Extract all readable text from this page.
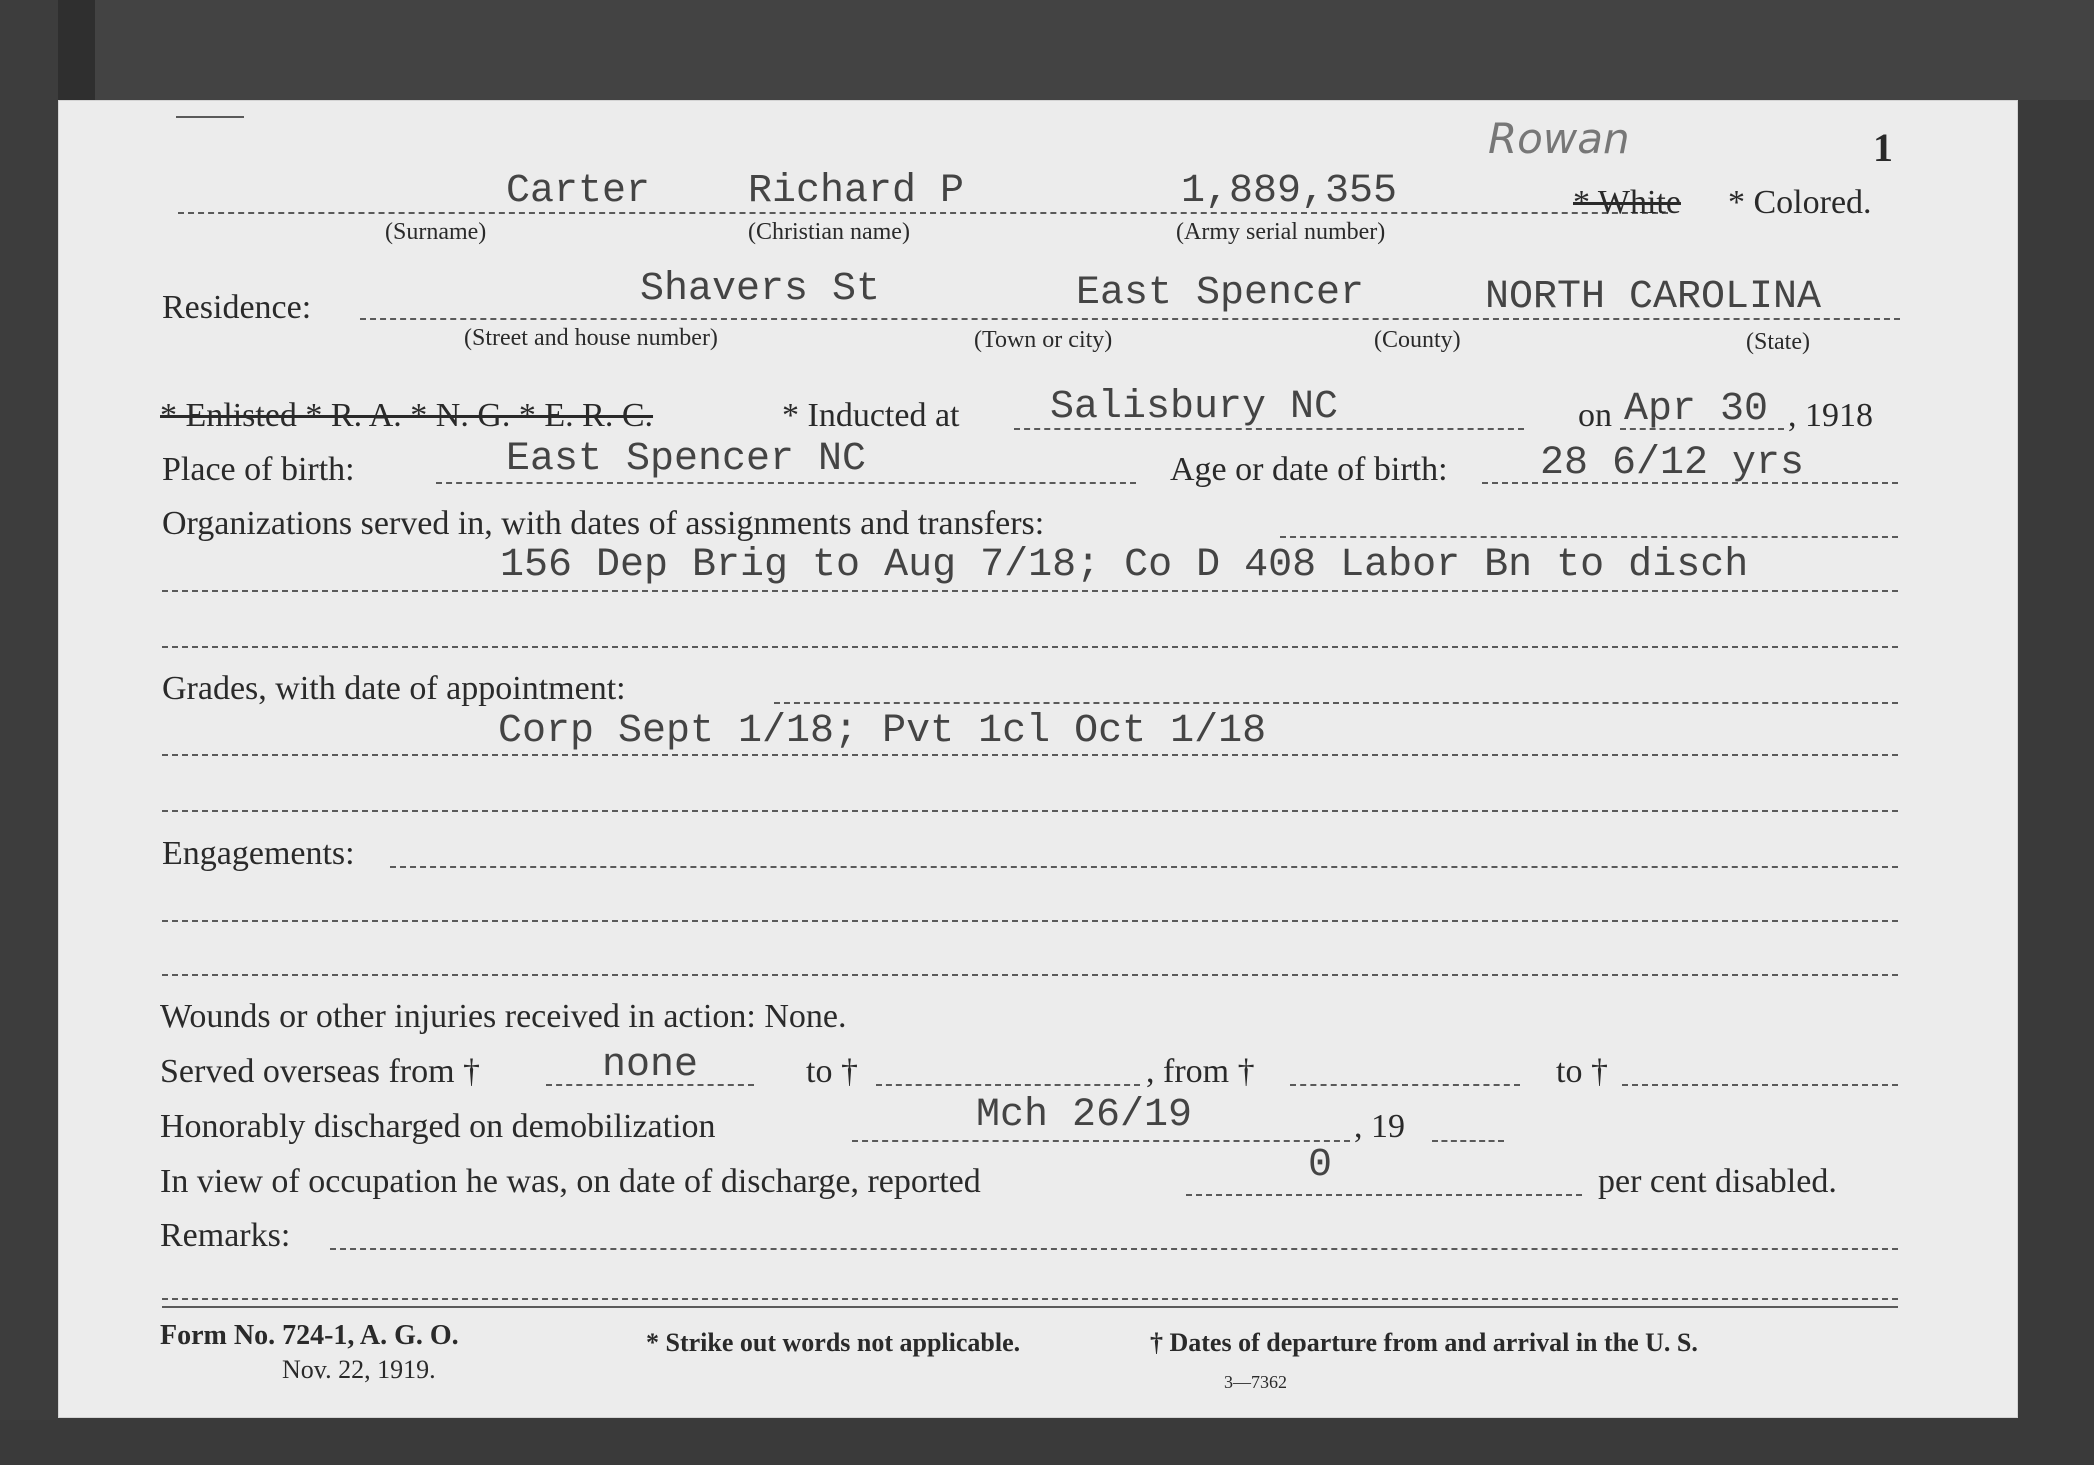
1
Rowan
Carter Richard P	1,889,355	* White * Colored.
(Surname)	(Christian name)	(Army serial number)
Residence:	Shavers St	East Spencer	NORTH CAROLINA
(Street and house number)	(Town or city)	(County)	(State)
* Enlisted * R. A. * N. G. * E. R. C.	* Inducted at Salisbury NC	on Apr 30 , 1918
Place of birth:	East Spencer NC	Age or date of birth: 28 6/12 yrs
Organizations served in, with dates of assignments and transfers:
156 Dep Brig to Aug 7/18; Co D 408 Labor Bn to disch
Grades, with date of appointment:
Corp Sept 1/18; Pvt 1cl Oct 1/18
Engagements:
Wounds or other injuries received in action: None.
Served overseas from †	none	to †	, from †	to †
Honorably discharged on demobilization	Mch 26/19	, 19
In view of occupation he was, on date of discharge, reported	0	per cent disabled.
Remarks:
Form No. 724-1, A. G. O.
Nov. 22, 1919.
* Strike out words not applicable.	† Dates of departure from and arrival in the U. S.
3—7362
